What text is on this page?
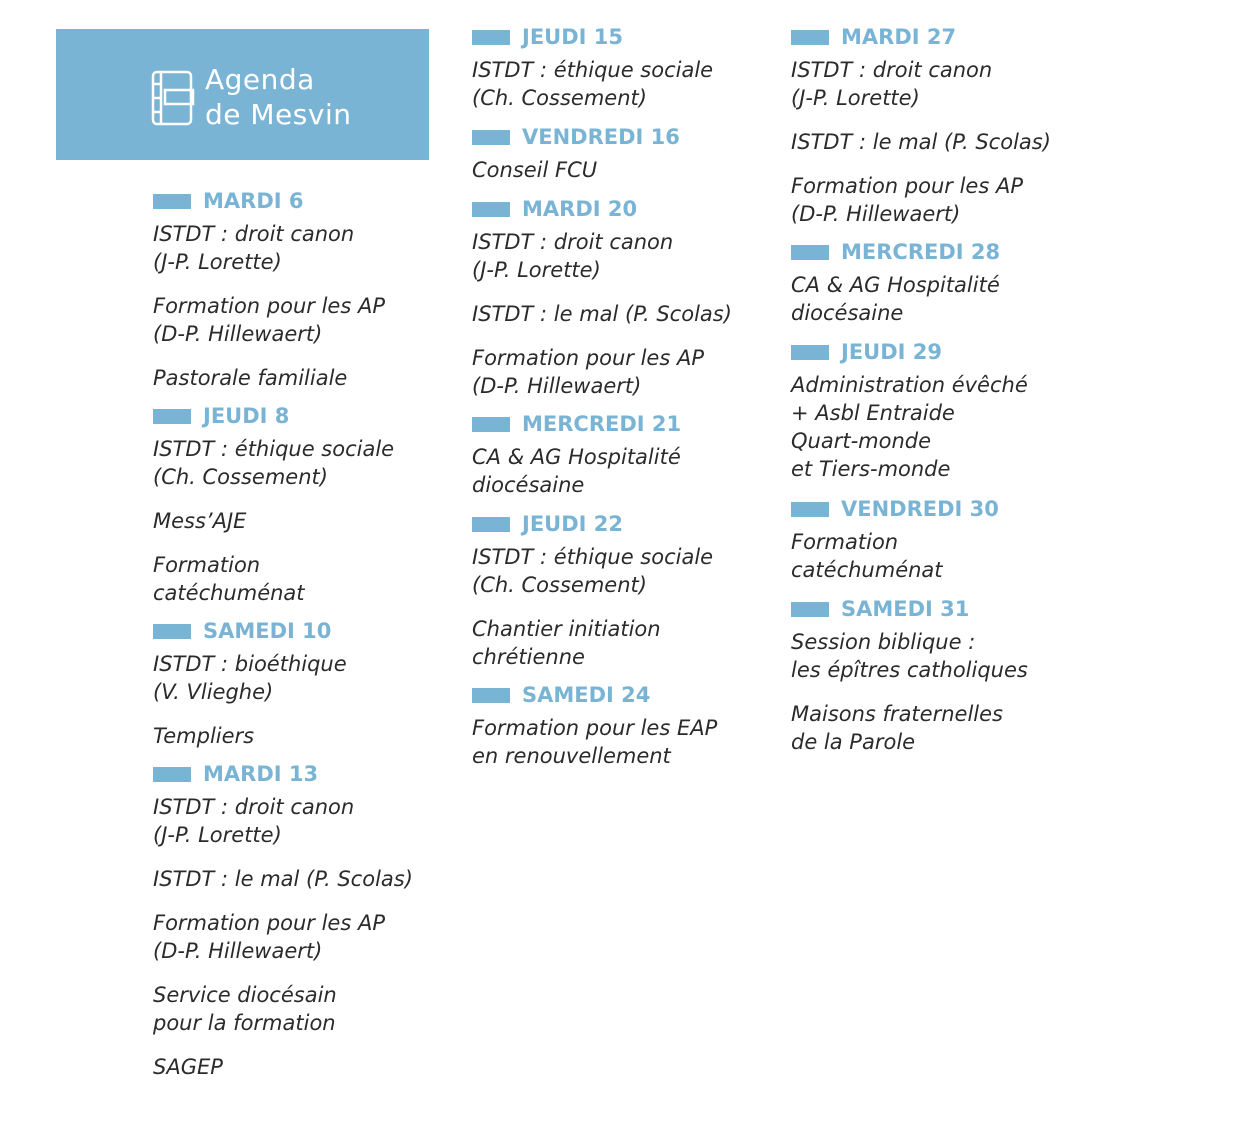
Agenda
de Mesvin
MARDI 6
ISTDT : droit canon
(J-P. Lorette)
Formation pour les AP
(D-P. Hillewaert)
Pastorale familiale
JEUDI 8
ISTDT : éthique sociale
(Ch. Cossement)
Mess’AJE
Formation
catéchuménat
SAMEDI 10
ISTDT : bioéthique
(V. Vlieghe)
Templiers
MARDI 13
ISTDT : droit canon
(J-P. Lorette)
ISTDT : le mal (P. Scolas)
Formation pour les AP
(D-P. Hillewaert)
Service diocésain
pour la formation
SAGEP
JEUDI 15
ISTDT : éthique sociale
(Ch. Cossement)
VENDREDI 16
Conseil FCU
MARDI 20
ISTDT : droit canon
(J-P. Lorette)
ISTDT : le mal (P. Scolas)
Formation pour les AP
(D-P. Hillewaert)
MERCREDI 21
CA & AG Hospitalité
diocésaine
JEUDI 22
ISTDT : éthique sociale
(Ch. Cossement)
Chantier initiation
chrétienne
SAMEDI 24
Formation pour les EAP
en renouvellement
MARDI 27
ISTDT : droit canon
(J-P. Lorette)
ISTDT : le mal (P. Scolas)
Formation pour les AP
(D-P. Hillewaert)
MERCREDI 28
CA & AG Hospitalité
diocésaine
JEUDI 29
Administration évêché
+ Asbl Entraide
Quart-monde
et Tiers-monde
VENDREDI 30
Formation
catéchuménat
SAMEDI 31
Session biblique :
les épîtres catholiques
Maisons fraternelles
de la Parole
